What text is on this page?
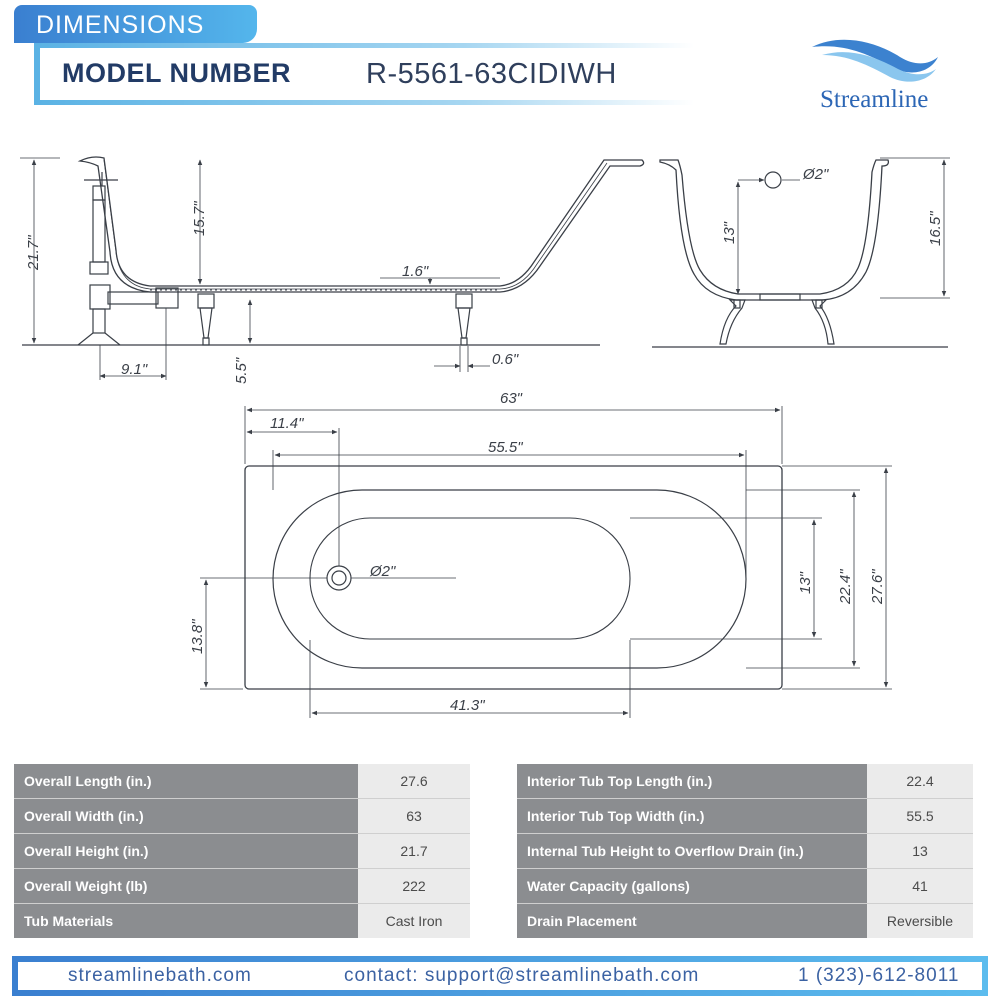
DIMENSIONS
MODEL NUMBER	R-5561-63CIDIWH
Streamline
21.7"
15.7"
1.6"
5.5"
9.1"
0.6"
Ø2"
13"	16.5"
63"
11.4"
55.5"
Ø2"
13" 22.4" 27.6"
13.8"
41.3"
Overall Length (in.)	27.6
Overall Width (in.)	63
Overall Height (in.)	21.7
Overall Weight (lb)	222
Tub Materials	Cast Iron
Interior Tub Top Length (in.)	22.4
Interior Tub Top Width (in.)	55.5
Internal Tub Height to Overflow Drain (in.)	13
Water Capacity (gallons)	41
Drain Placement	Reversible
streamlinebath.com	contact: support@streamlinebath.com	1 (323)-612-8011
